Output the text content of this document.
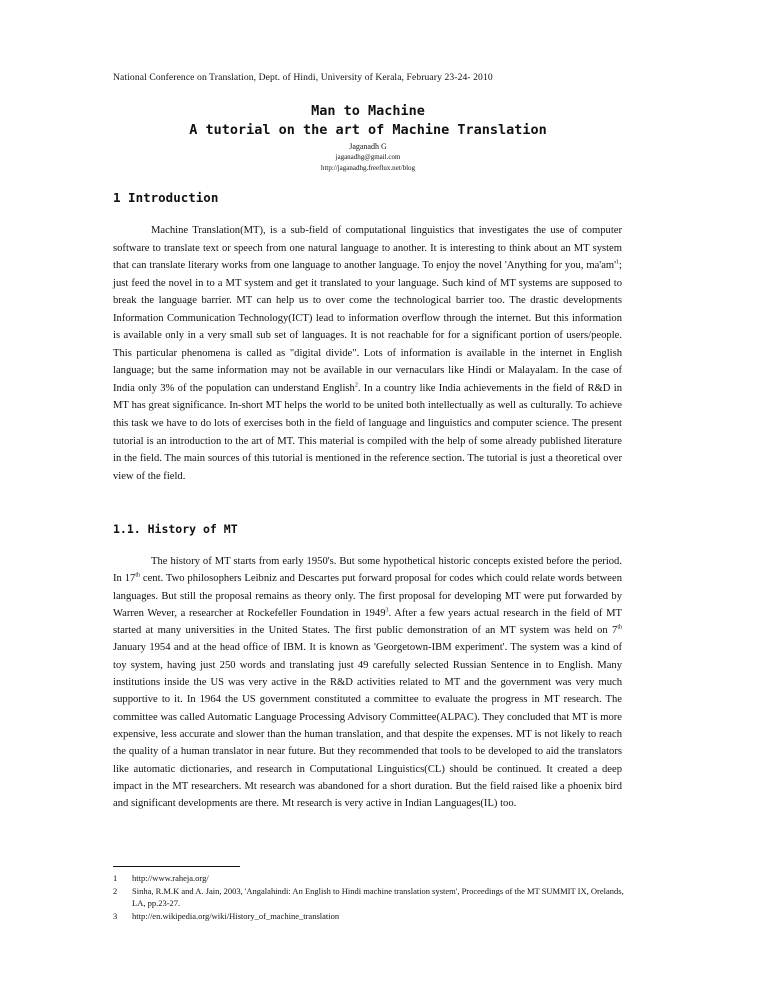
National Conference on Translation, Dept. of Hindi, University of Kerala, February 23-24- 2010
Man to Machine
A tutorial on the art of Machine Translation
Jaganadh G
jaganadhg@gmail.com
http://jaganadhg.freeflux.net/blog
1 Introduction

Machine Translation(MT), is a sub-field of computational linguistics that investigates the use of computer software to translate text or speech from one natural language to another. It is interesting to think about an MT system that can translate literary works from one language to another language. To enjoy the novel 'Anything for you, $ma'am'^1$; just feed the novel in to a MT system and get it translated to your language. Such kind of MT systems are supposed to break the language barrier. MT can help us to over come the technological barrier too. The drastic developments Information Communication Technology(ICT) lead to information overflow through the internet. But this information is available only in a very small sub set of languages. It is not reachable for for a significant portion of users/people. This particular phenomena is called as "digital divide". Lots of information is available in the internet in English language; but the same information may not be available in our vernaculars like Hindi or Malayalam. In the case of India only 3% of the population can understand English$^2$. In a country like India achievements in the field of R&D in MT has great significance. In-short MT helps the world to be united both intellectually as well as culturally. To achieve this task we have to do lots of exercises both in the field of language and linguistics and computer science. The present tutorial is an introduction to the art of MT. This material is compiled with the help of some already published literature in the field. The main sources of this tutorial is mentioned in the reference section. The tutorial is just a theoretical over view of the field.

1.1. History of MT

The history of MT starts from early 1950's. But some hypothetical historic concepts existed before the period. In 17th cent. Two philosophers Leibniz and Descartes put forward proposal for codes which could relate words between languages. But still the proposal remains as theory only. The first proposal for developing MT were put forwarded by Warren Wever, a researcher at Rockefeller Foundation in 1949$^3$. After a few years actual research in the field of MT started at many universities in the United States. The first public demonstration of an MT system was held on 7th January 1954 and at the head office of IBM. It is known as 'Georgetown-IBM experiment'. The system was a kind of toy system, having just 250 words and translating just 49 carefully selected Russian Sentence in to English. Many institutions inside the US was very active in the R&D activities related to MT and the government was very much supportive to it. In 1964 the US government constituted a committee to evaluate the progress in MT research. The committee was called Automatic Language Processing Advisory Committee(ALPAC). They concluded that MT is more expensive, less accurate and slower than the human translation, and that despite the expenses. MT is not likely to reach the quality of a human translator in near future. But they recommended that tools to be developed to aid the translators like automatic dictionaries, and research in Computational Linguistics(CL) should be continued. It created a deep impact in the MT researchers. Mt research was abandoned for a short duration. But the field raised like a phoenix bird and significant developments are there. Mt research is very active in Indian Languages(IL) too.

1 http://www.raheja.org/
2 Sinha, R.M.K and A. Jain, 2003, 'Angalahindi: An English to Hindi machine translation system', Proceedings of the MT SUMMIT IX, Orelands, LA, pp.23-27.
3 http://en.wikipedia.org/wiki/History_of_machine_translation
